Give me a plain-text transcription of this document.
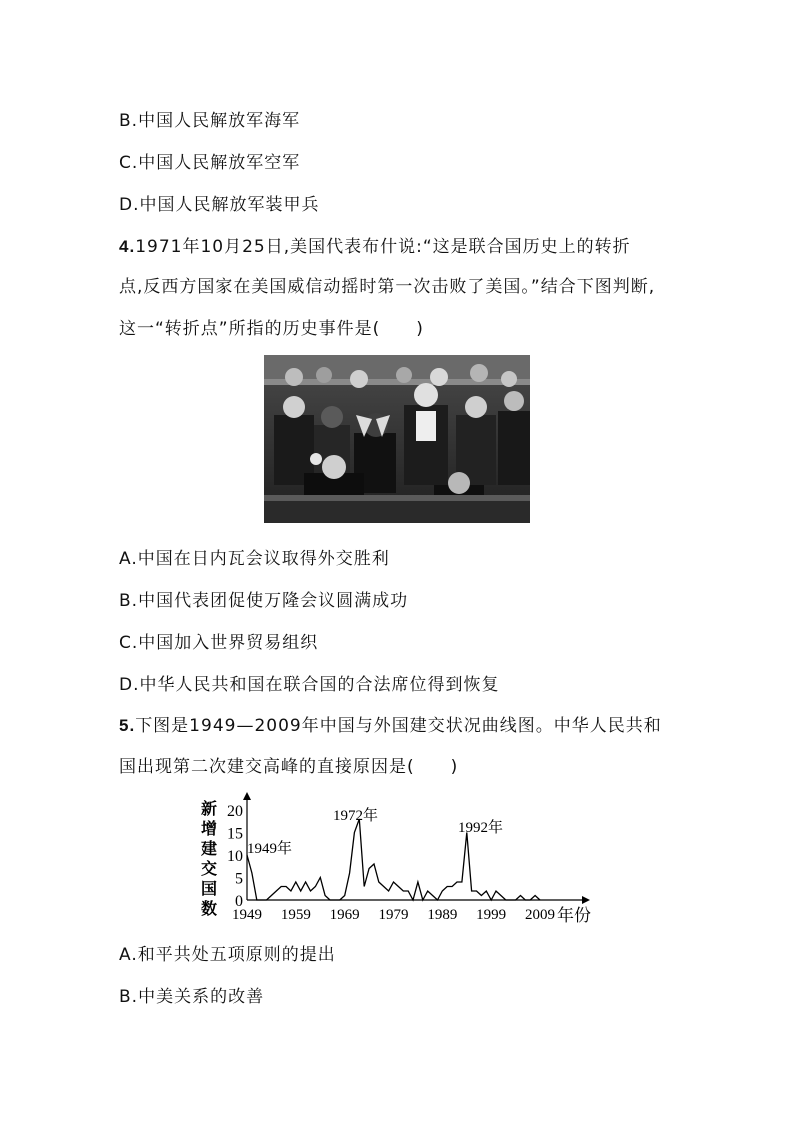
B.中国人民解放军海军
C.中国人民解放军空军
D.中国人民解放军装甲兵
4.1971年10月25日,美国代表布什说:“这是联合国历史上的转折
点,反西方国家在美国威信动摇时第一次击败了美国。”结合下图判断,
这一“转折点”所指的历史事件是(　　)
A.中国在日内瓦会议取得外交胜利
B.中国代表团促使万隆会议圆满成功
C.中国加入世界贸易组织
D.中华人民共和国在联合国的合法席位得到恢复
5.下图是1949—2009年中国与外国建交状况曲线图。中华人民共和
国出现第二次建交高峰的直接原因是(　　)
新
增
建
交
国
数
20
15
10
5
0
1949 1959 1969 1979 1989 1999 2009
1949年
1972年
1992年
年份
A.和平共处五项原则的提出
B.中美关系的改善
